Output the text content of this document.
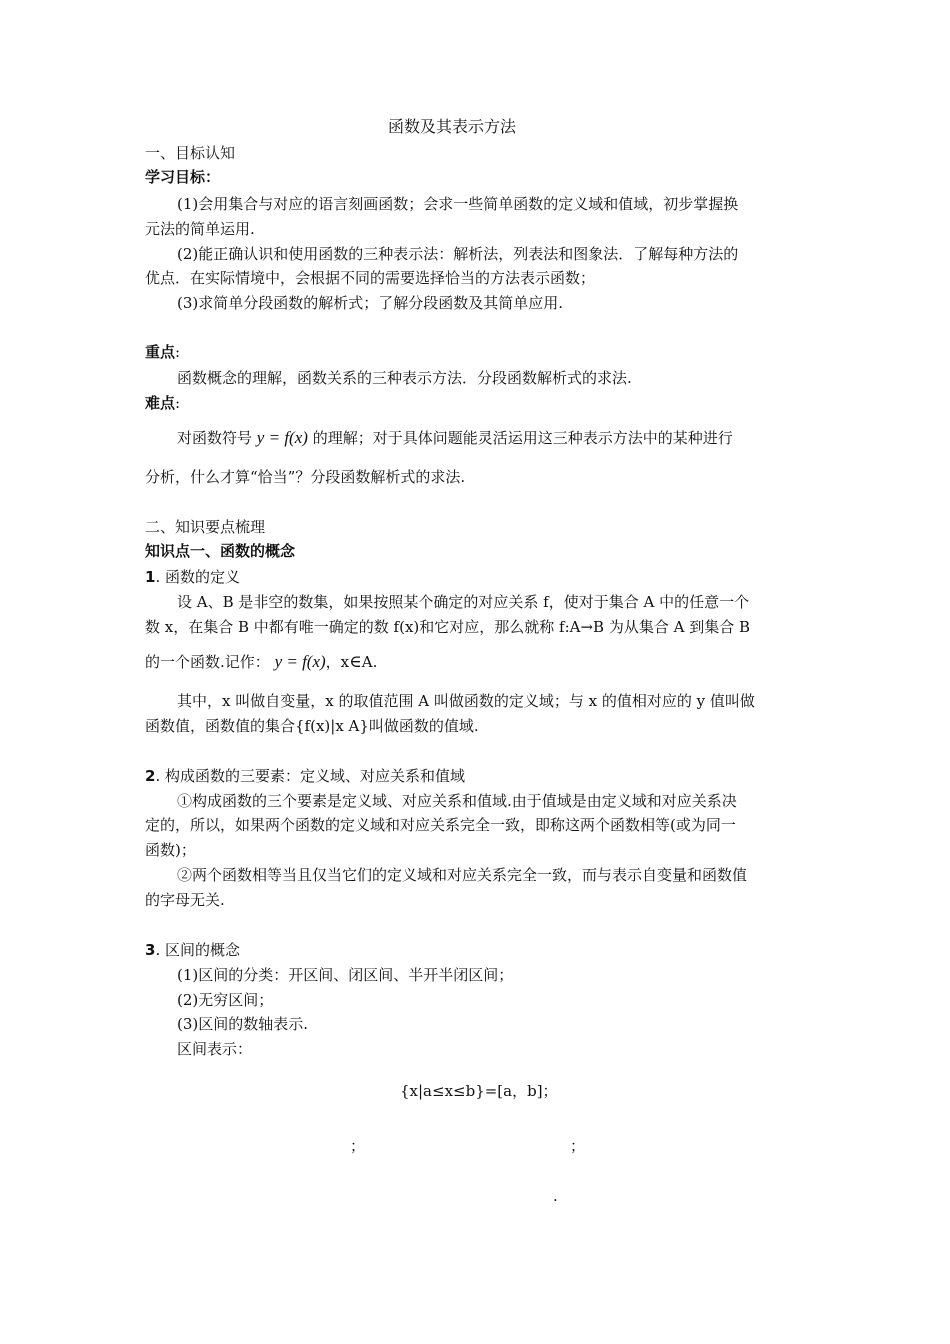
函数及其表示方法
一、目标认知
学习目标：
(1)会用集合与对应的语言刻画函数；会求一些简单函数的定义域和值域，初步掌握换
元法的简单运用.
(2)能正确认识和使用函数的三种表示法：解析法，列表法和图象法．了解每种方法的
优点．在实际情境中，会根据不同的需要选择恰当的方法表示函数；
(3)求简单分段函数的解析式；了解分段函数及其简单应用.
重点:
函数概念的理解，函数关系的三种表示方法．分段函数解析式的求法.
难点:
对函数符号 y = f(x) 的理解；对于具体问题能灵活运用这三种表示方法中的某种进行
分析，什么才算“恰当”？分段函数解析式的求法.
二、知识要点梳理
知识点一、函数的概念
1. 函数的定义
设 A、B 是非空的数集，如果按照某个确定的对应关系 f，使对于集合 A 中的任意一个
数 x，在集合 B 中都有唯一确定的数 f(x)和它对应，那么就称 f:A→B 为从集合 A 到集合 B
的一个函数.记作： y = f(x)，x∈A.
其中，x 叫做自变量，x 的取值范围 A 叫做函数的定义域；与 x 的值相对应的 y 值叫做
函数值，函数值的集合{f(x)|x A}叫做函数的值域.
2. 构成函数的三要素：定义域、对应关系和值域
①构成函数的三个要素是定义域、对应关系和值域.由于值域是由定义域和对应关系决
定的，所以，如果两个函数的定义域和对应关系完全一致，即称这两个函数相等(或为同一
函数)；
②两个函数相等当且仅当它们的定义域和对应关系完全一致，而与表示自变量和函数值
的字母无关.
3. 区间的概念
(1)区间的分类：开区间、闭区间、半开半闭区间；
(2)无穷区间；
(3)区间的数轴表示.
区间表示：
{x|a≤x≤b}=[a，b]；
；	；
.
